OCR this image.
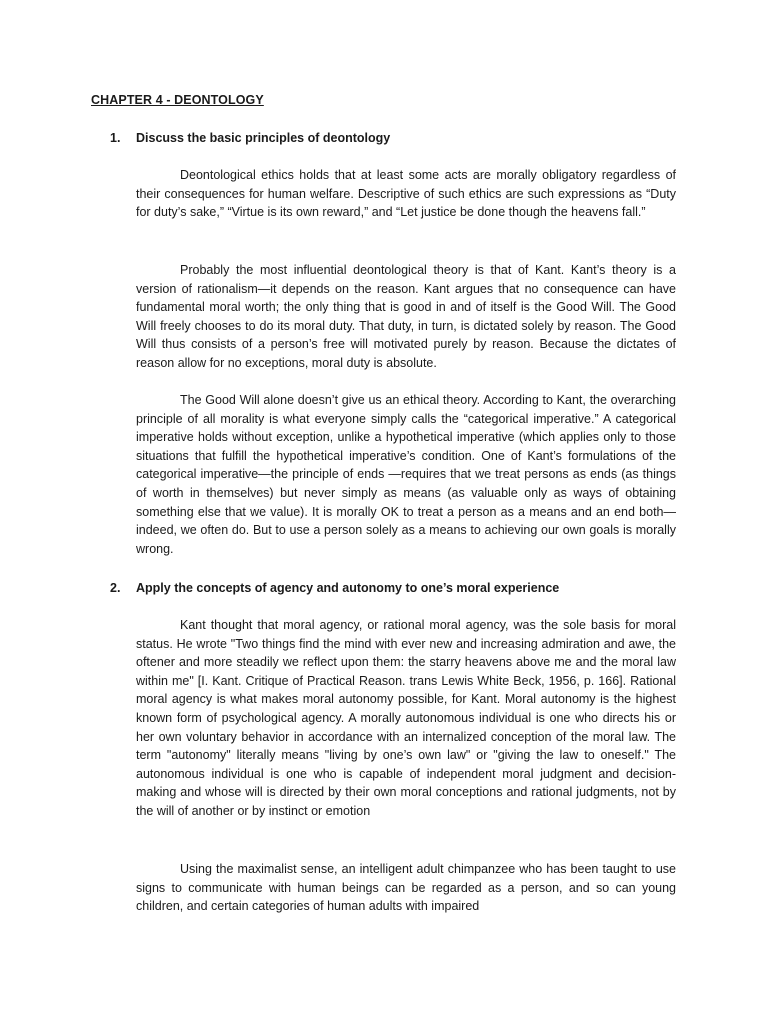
CHAPTER 4 - DEONTOLOGY
1. Discuss the basic principles of deontology

Deontological ethics holds that at least some acts are morally obligatory regardless of their consequences for human welfare. Descriptive of such ethics are such expressions as “Duty for duty’s sake,” “Virtue is its own reward,” and “Let justice be done though the heavens fall.”

Probably the most influential deontological theory is that of Kant. Kant’s theory is a version of rationalism—it depends on the reason. Kant argues that no consequence can have fundamental moral worth; the only thing that is good in and of itself is the Good Will. The Good Will freely chooses to do its moral duty. That duty, in turn, is dictated solely by reason. The Good Will thus consists of a person’s free will motivated purely by reason. Because the dictates of reason allow for no exceptions, moral duty is absolute.

The Good Will alone doesn’t give us an ethical theory. According to Kant, the overarching principle of all morality is what everyone simply calls the “categorical imperative.” A categorical imperative holds without exception, unlike a hypothetical imperative (which applies only to those situations that fulfill the hypothetical imperative’s condition. One of Kant’s formulations of the categorical imperative—the principle of ends —requires that we treat persons as ends (as things of worth in themselves) but never simply as means (as valuable only as ways of obtaining something else that we value). It is morally OK to treat a person as a means and an end both—indeed, we often do. But to use a person solely as a means to achieving our own goals is morally wrong.

2. Apply the concepts of agency and autonomy to one’s moral experience

Kant thought that moral agency, or rational moral agency, was the sole basis for moral status. He wrote "Two things find the mind with ever new and increasing admiration and awe, the oftener and more steadily we reflect upon them: the starry heavens above me and the moral law within me" [I. Kant. Critique of Practical Reason. trans Lewis White Beck, 1956, p. 166]. Rational moral agency is what makes moral autonomy possible, for Kant. Moral autonomy is the highest known form of psychological agency. A morally autonomous individual is one who directs his or her own voluntary behavior in accordance with an internalized conception of the moral law. The term "autonomy" literally means "living by one’s own law" or "giving the law to oneself." The autonomous individual is one who is capable of independent moral judgment and decision-making and whose will is directed by their own moral conceptions and rational judgments, not by the will of another or by instinct or emotion

Using the maximalist sense, an intelligent adult chimpanzee who has been taught to use signs to communicate with human beings can be regarded as a person, and so can young children, and certain categories of human adults with impaired
